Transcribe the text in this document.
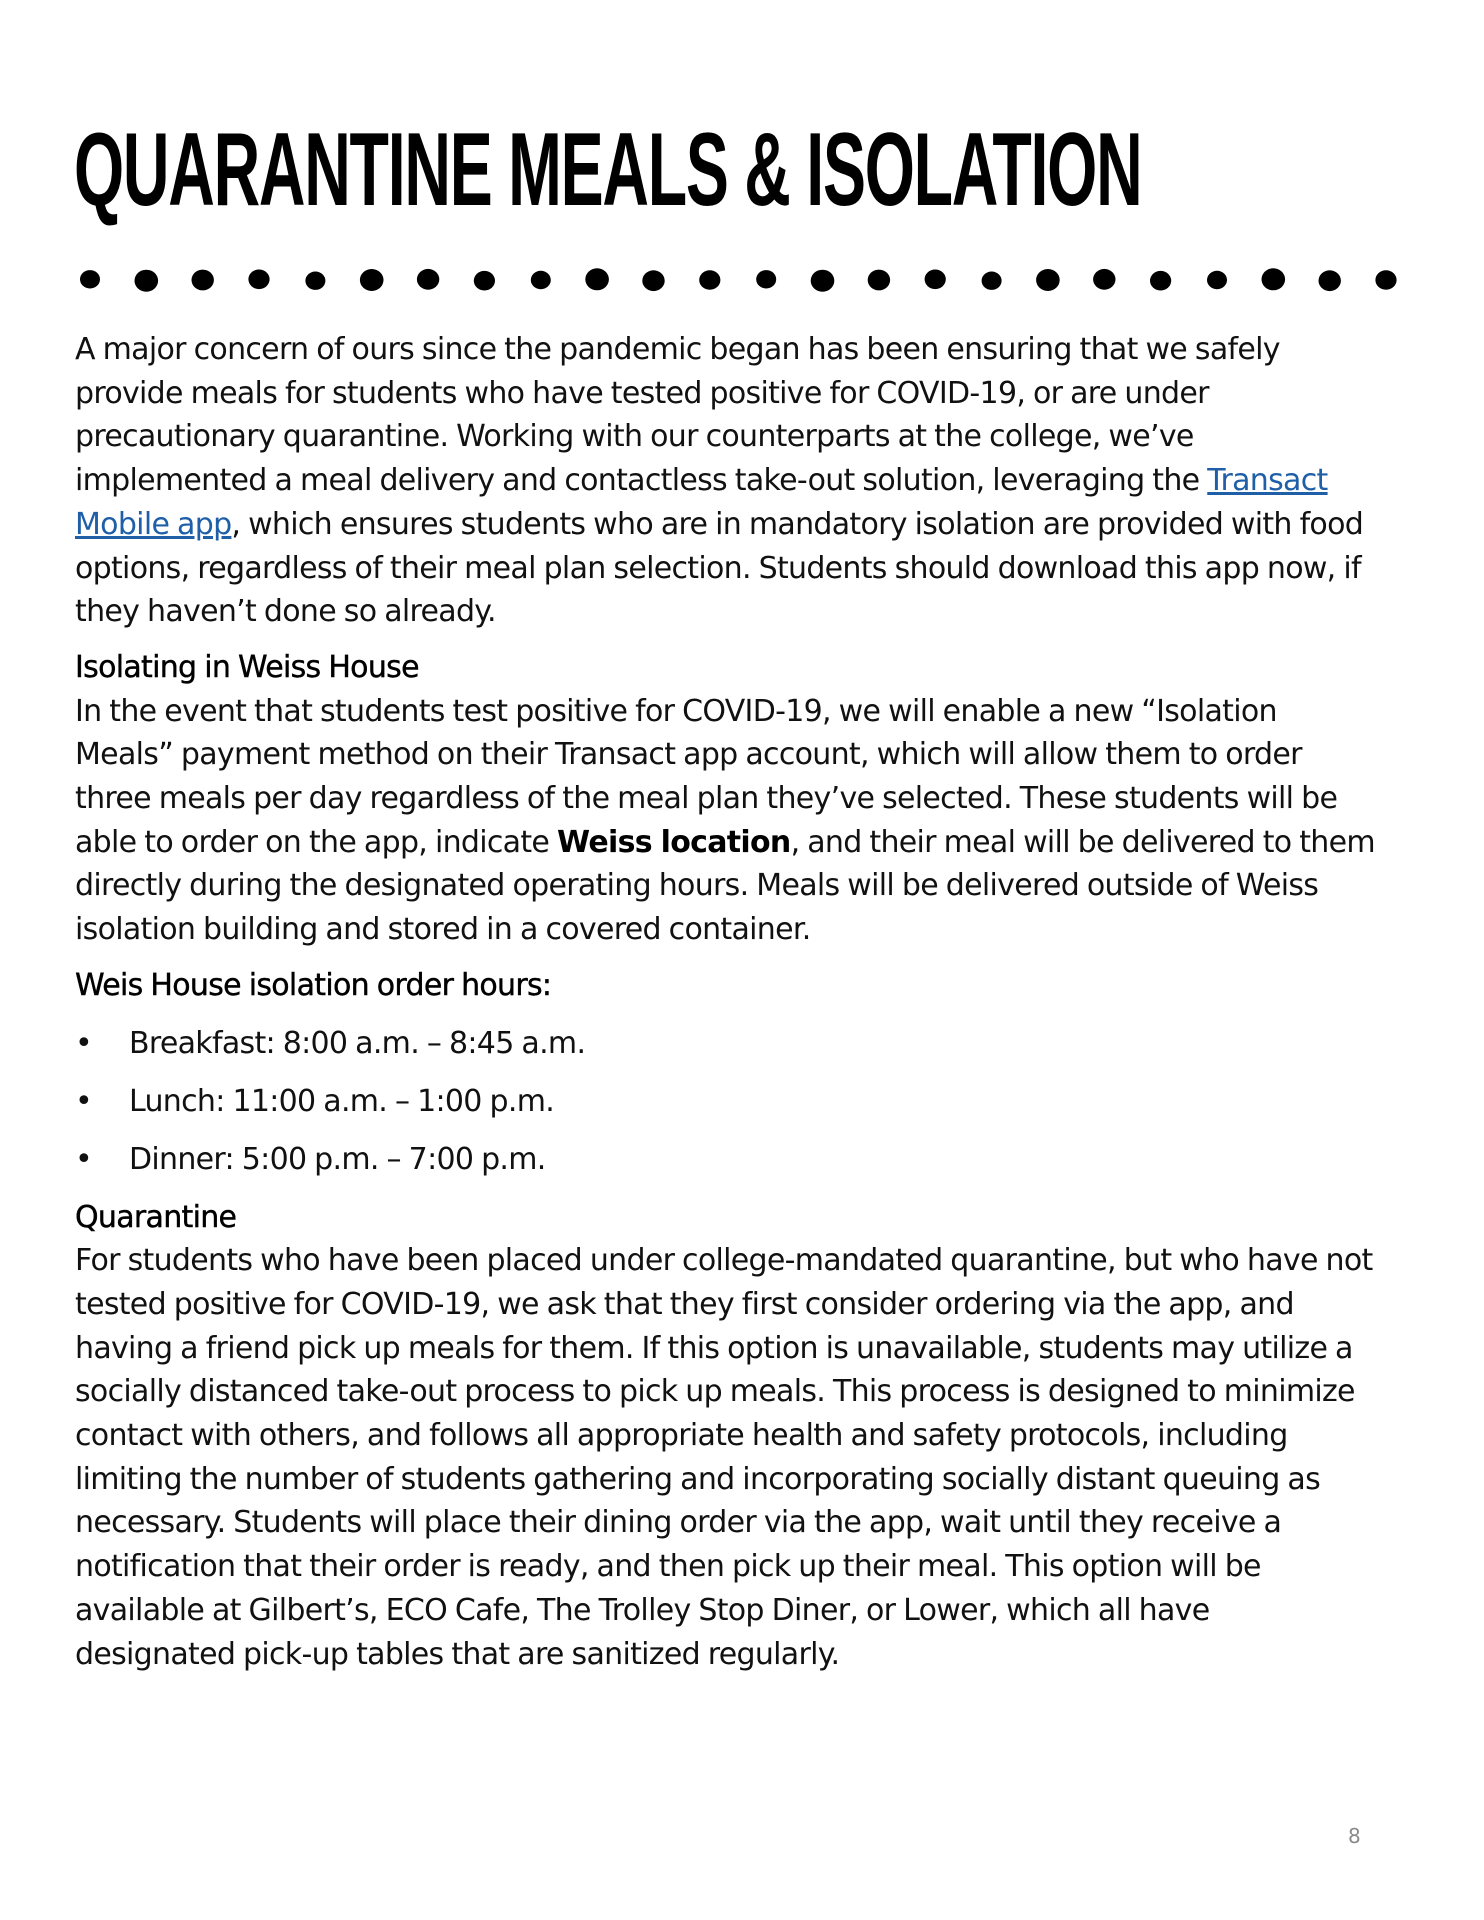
QUARANTINE MEALS & ISOLATION

A major concern of ours since the pandemic began has been ensuring that we safely provide meals for students who have tested positive for COVID-19, or are under precautionary quarantine. Working with our counterparts at the college, we’ve implemented a meal delivery and contactless take-out solution, leveraging the Transact Mobile app, which ensures students who are in mandatory isolation are provided with food options, regardless of their meal plan selection. Students should download this app now, if they haven’t done so already.

Isolating in Weiss House

In the event that students test positive for COVID-19, we will enable a new “Isolation Meals” payment method on their Transact app account, which will allow them to order three meals per day regardless of the meal plan they’ve selected. These students will be able to order on the app, indicate Weiss location, and their meal will be delivered to them directly during the designated operating hours. Meals will be delivered outside of Weiss isolation building and stored in a covered container.

Weis House isolation order hours:
• Breakfast: 8:00 a.m. – 8:45 a.m.
• Lunch: 11:00 a.m. – 1:00 p.m.
• Dinner: 5:00 p.m. – 7:00 p.m.
Quarantine

For students who have been placed under college-mandated quarantine, but who have not tested positive for COVID-19, we ask that they first consider ordering via the app, and having a friend pick up meals for them. If this option is unavailable, students may utilize a socially distanced take-out process to pick up meals. This process is designed to minimize contact with others, and follows all appropriate health and safety protocols, including limiting the number of students gathering and incorporating socially distant queuing as necessary. Students will place their dining order via the app, wait until they receive a notification that their order is ready, and then pick up their meal. This option will be available at Gilbert’s, ECO Cafe, The Trolley Stop Diner, or Lower, which all have designated pick-up tables that are sanitized regularly.

8
